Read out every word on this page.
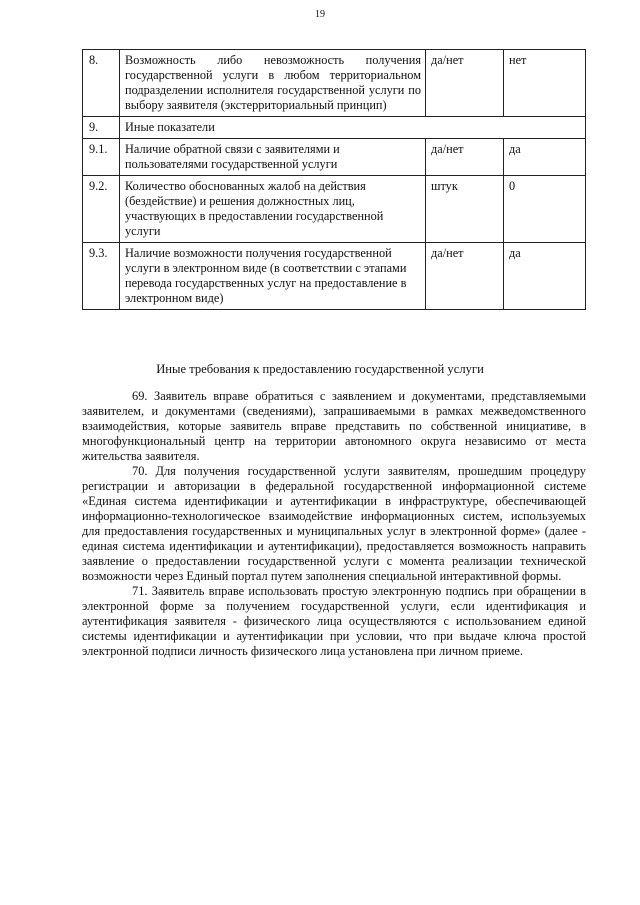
19
8.	Возможность либо невозможность получения государственной услуги в любом территориальном подразделении исполнителя государственной услуги по выбору заявителя (экстерриториальный принцип)	да/нет	нет
9.	Иные показатели		
9.1.	Наличие обратной связи с заявителями и пользователями государственной услуги	да/нет	да
9.2.	Количество обоснованных жалоб на действия (бездействие) и решения должностных лиц, участвующих в предоставлении государственной услуги	штук	0
9.3.	Наличие возможности получения государственной услуги в электронном виде (в соответствии с этапами перевода государственных услуг на предоставление в электронном виде)	да/нет	да
Иные требования к предоставлению государственной услуги

69. Заявитель вправе обратиться с заявлением и документами, представляемыми заявителем, и документами (сведениями), запрашиваемыми в рамках межведомственного взаимодействия, которые заявитель вправе представить по собственной инициативе, в многофункциональный центр на территории автономного округа независимо от места жительства заявителя.

70. Для получения государственной услуги заявителям, прошедшим процедуру регистрации и авторизации в федеральной государственной информационной системе «Единая система идентификации и аутентификации в инфраструктуре, обеспечивающей информационно-технологическое взаимодействие информационных систем, используемых для предоставления государственных и муниципальных услуг в электронной форме» (далее - единая система идентификации и аутентификации), предоставляется возможность направить заявление о предоставлении государственной услуги с момента реализации технической возможности через Единый портал путем заполнения специальной интерактивной формы.

71. Заявитель вправе использовать простую электронную подпись при обращении в электронной форме за получением государственной услуги, если идентификация и аутентификация заявителя - физического лица осуществляются с использованием единой системы идентификации и аутентификации при условии, что при выдаче ключа простой электронной подписи личность физического лица установлена при личном приеме.
